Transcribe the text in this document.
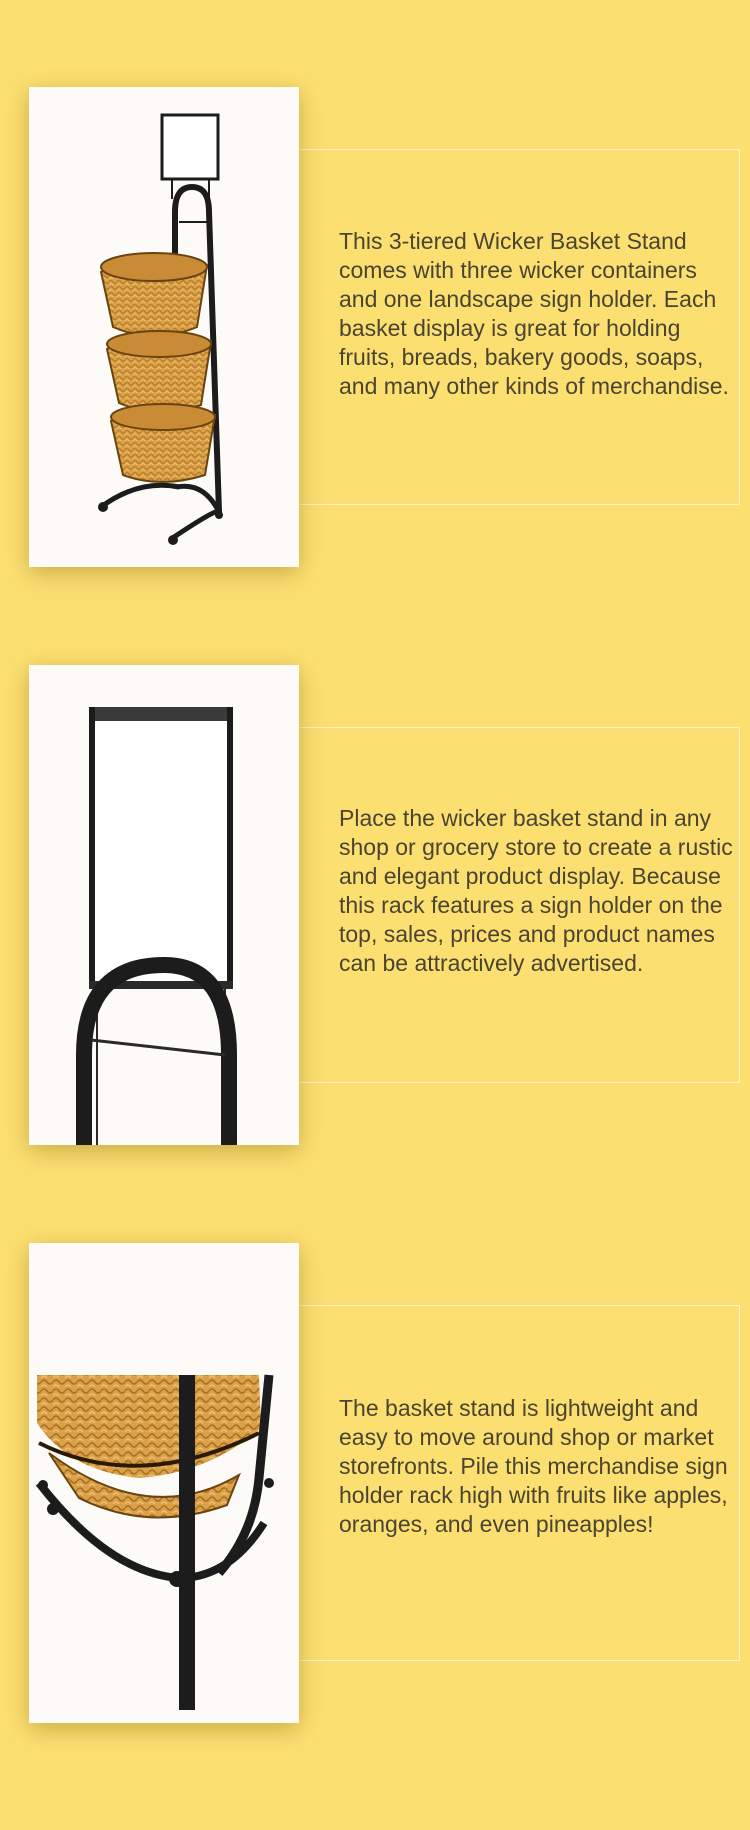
This 3-tiered Wicker Basket Stand comes with three wicker containers and one landscape sign holder. Each basket display is great for holding fruits, breads, bakery goods, soaps, and many other kinds of merchandise.
Place the wicker basket stand in any shop or grocery store to create a rustic and elegant product display. Because this rack features a sign holder on the top, sales, prices and product names can be attractively advertised.
The basket stand is lightweight and easy to move around shop or market storefronts. Pile this merchandise sign holder rack high with fruits like apples, oranges, and even pineapples!
